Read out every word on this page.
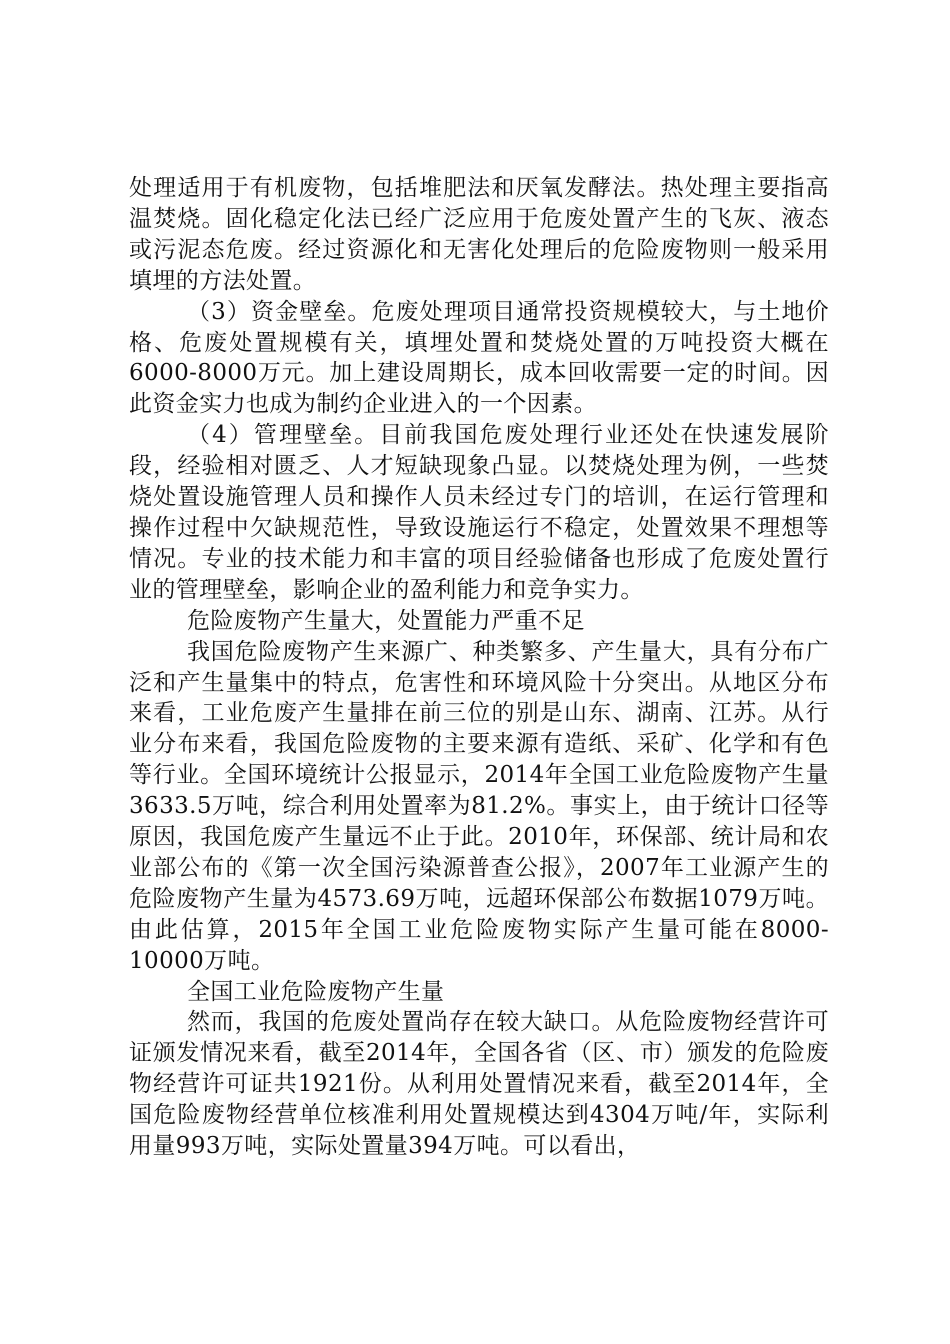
处理适用于有机废物，包括堆肥法和厌氧发酵法。热处理主要指高温焚烧。固化稳定化法已经广泛应用于危废处置产生的飞灰、液态或污泥态危废。经过资源化和无害化处理后的危险废物则一般采用填埋的方法处置。

（3）资金壁垒。危废处理项目通常投资规模较大，与土地价格、危废处置规模有关，填埋处置和焚烧处置的万吨投资大概在6000-8000万元。加上建设周期长，成本回收需要一定的时间。因此资金实力也成为制约企业进入的一个因素。

（4）管理壁垒。目前我国危废处理行业还处在快速发展阶段，经验相对匮乏、人才短缺现象凸显。以焚烧处理为例，一些焚烧处置设施管理人员和操作人员未经过专门的培训，在运行管理和操作过程中欠缺规范性，导致设施运行不稳定，处置效果不理想等情况。专业的技术能力和丰富的项目经验储备也形成了危废处置行业的管理壁垒，影响企业的盈利能力和竞争实力。

危险废物产生量大，处置能力严重不足

我国危险废物产生来源广、种类繁多、产生量大，具有分布广泛和产生量集中的特点，危害性和环境风险十分突出。从地区分布来看，工业危废产生量排在前三位的别是山东、湖南、江苏。从行业分布来看，我国危险废物的主要来源有造纸、采矿、化学和有色等行业。全国环境统计公报显示，2014年全国工业危险废物产生量3633.5万吨，综合利用处置率为81.2%。事实上，由于统计口径等原因，我国危废产生量远不止于此。2010年，环保部、统计局和农业部公布的《第一次全国污染源普查公报》，2007年工业源产生的危险废物产生量为4573.69万吨，远超环保部公布数据1079万吨。由此估算，2015年全国工业危险废物实际产生量可能在8000-10000万吨。

全国工业危险废物产生量

然而，我国的危废处置尚存在较大缺口。从危险废物经营许可证颁发情况来看，截至2014年，全国各省（区、市）颁发的危险废物经营许可证共1921份。从利用处置情况来看，截至2014年，全国危险废物经营单位核准利用处置规模达到4304万吨/年，实际利用量993万吨，实际处置量394万吨。可以看出，
